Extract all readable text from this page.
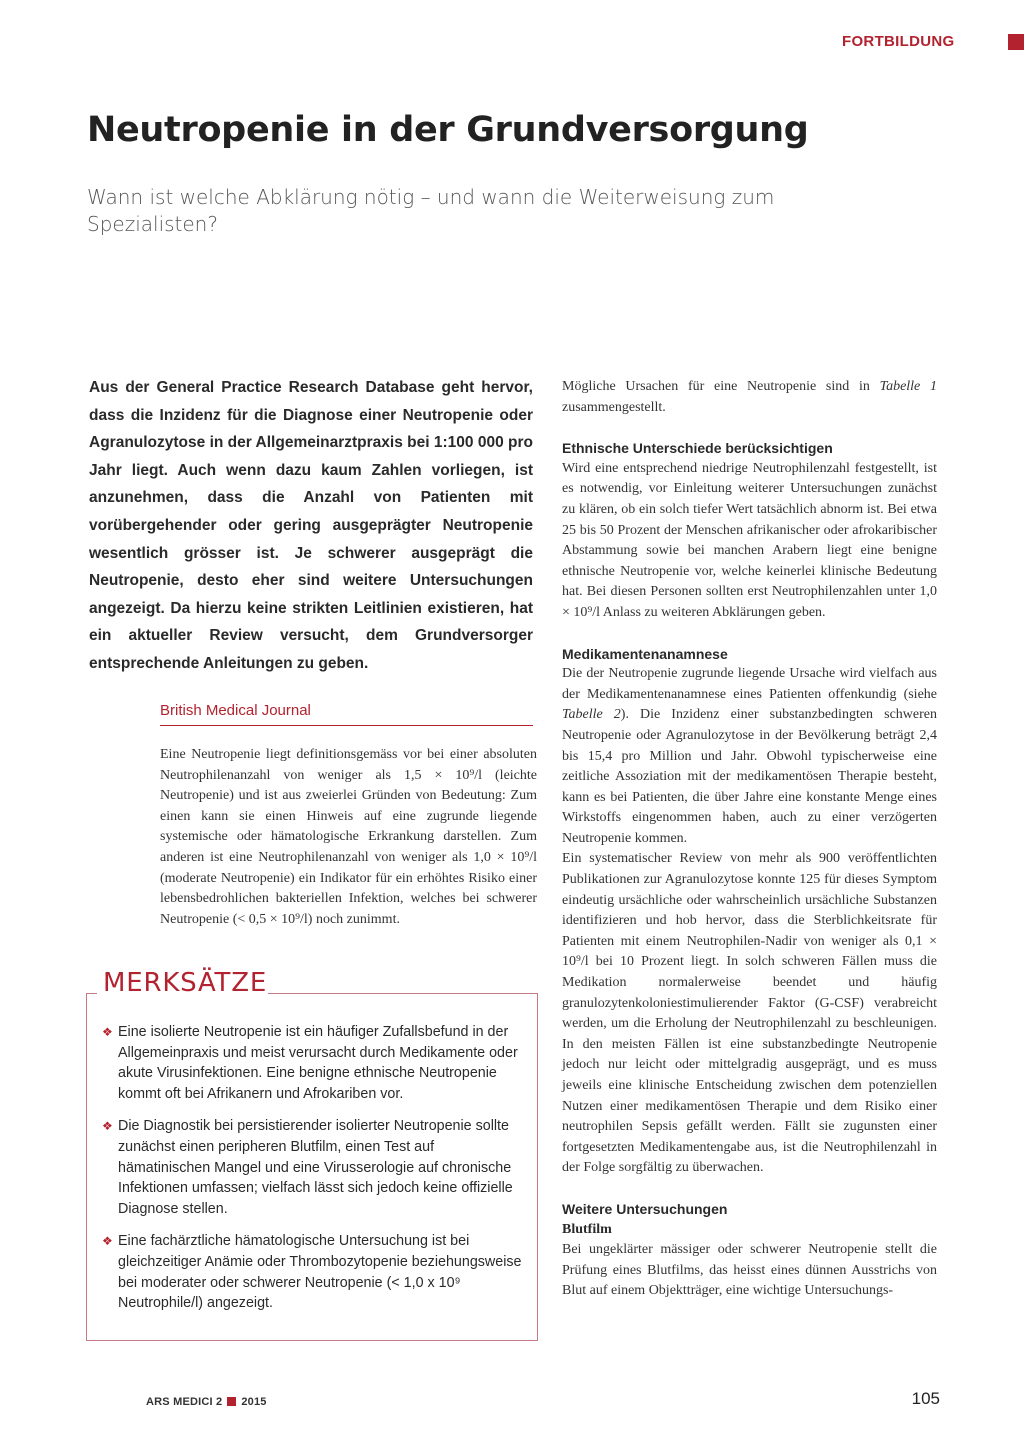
FORTBILDUNG
Neutropenie in der Grundversorgung

Wann ist welche Abklärung nötig – und wann die Weiterweisung zum Spezialisten?

Aus der General Practice Research Database geht hervor, dass die Inzidenz für die Diagnose einer Neutropenie oder Agranulozytose in der Allgemeinarztpraxis bei 1:100 000 pro Jahr liegt. Auch wenn dazu kaum Zahlen vorliegen, ist anzunehmen, dass die Anzahl von Patienten mit vorübergehender oder gering ausgeprägter Neutropenie wesentlich grösser ist. Je schwerer ausgeprägt die Neutropenie, desto eher sind weitere Untersuchungen angezeigt. Da hierzu keine strikten Leitlinien existieren, hat ein aktueller Review versucht, dem Grundversorger entsprechende Anleitungen zu geben.

British Medical Journal

Eine Neutropenie liegt definitionsgemäss vor bei einer absoluten Neutrophilenanzahl von weniger als 1,5 × 10⁹/l (leichte Neutropenie) und ist aus zweierlei Gründen von Bedeutung: Zum einen kann sie einen Hinweis auf eine zugrunde liegende systemische oder hämatologische Erkrankung darstellen. Zum anderen ist eine Neutrophilenanzahl von weniger als 1,0 × 10⁹/l (moderate Neutropenie) ein Indikator für ein erhöhtes Risiko einer lebensbedrohlichen bakteriellen Infektion, welches bei schwerer Neutropenie (< 0,5 × 10⁹/l) noch zunimmt.

MERKSÄTZE
❖ Eine isolierte Neutropenie ist ein häufiger Zufallsbefund in der Allgemeinpraxis und meist verursacht durch Medikamente oder akute Virusinfektionen. Eine benigne ethnische Neutropenie kommt oft bei Afrikanern und Afrokariben vor.
❖ Die Diagnostik bei persistierender isolierter Neutropenie sollte zunächst einen peripheren Blutfilm, einen Test auf hämatinischen Mangel und eine Virusserologie auf chronische Infektionen umfassen; vielfach lässt sich jedoch keine offizielle Diagnose stellen.
❖ Eine fachärztliche hämatologische Untersuchung ist bei gleichzeitiger Anämie oder Thrombozytopenie beziehungsweise bei moderater oder schwerer Neutropenie (< 1,0 x 10⁹ Neutrophile/l) angezeigt.

Mögliche Ursachen für eine Neutropenie sind in Tabelle 1 zusammengestellt.

Ethnische Unterschiede berücksichtigen

Wird eine entsprechend niedrige Neutrophilenzahl festgestellt, ist es notwendig, vor Einleitung weiterer Untersuchungen zunächst zu klären, ob ein solch tiefer Wert tatsächlich abnorm ist. Bei etwa 25 bis 50 Prozent der Menschen afrikanischer oder afrokaribischer Abstammung sowie bei manchen Arabern liegt eine benigne ethnische Neutropenie vor, welche keinerlei klinische Bedeutung hat. Bei diesen Personen sollten erst Neutrophilenzahlen unter 1,0 × 10⁹/l Anlass zu weiteren Abklärungen geben.

Medikamentenanamnese

Die der Neutropenie zugrunde liegende Ursache wird vielfach aus der Medikamentenanamnese eines Patienten offenkundig (siehe Tabelle 2). Die Inzidenz einer substanzbedingten schweren Neutropenie oder Agranulozytose in der Bevölkerung beträgt 2,4 bis 15,4 pro Million und Jahr. Obwohl typischerweise eine zeitliche Assoziation mit der medikamentösen Therapie besteht, kann es bei Patienten, die über Jahre eine konstante Menge eines Wirkstoffs eingenommen haben, auch zu einer verzögerten Neutropenie kommen.

Ein systematischer Review von mehr als 900 veröffentlichten Publikationen zur Agranulozytose konnte 125 für dieses Symptom eindeutig ursächliche oder wahrscheinlich ursächliche Substanzen identifizieren und hob hervor, dass die Sterblichkeitsrate für Patienten mit einem Neutrophilen-Nadir von weniger als 0,1 × 10⁹/l bei 10 Prozent liegt. In solch schweren Fällen muss die Medikation normalerweise beendet und häufig granulozytenkoloniestimulierender Faktor (G-CSF) verabreicht werden, um die Erholung der Neutrophilenzahl zu beschleunigen. In den meisten Fällen ist eine substanzbedingte Neutropenie jedoch nur leicht oder mittelgradig ausgeprägt, und es muss jeweils eine klinische Entscheidung zwischen dem potenziellen Nutzen einer medikamentösen Therapie und dem Risiko einer neutrophilen Sepsis gefällt werden. Fällt sie zugunsten einer fortgesetzten Medikamentengabe aus, ist die Neutrophilenzahl in der Folge sorgfältig zu überwachen.

Weitere Untersuchungen
Blutfilm

Bei ungeklärter mässiger oder schwerer Neutropenie stellt die Prüfung eines Blutfilms, das heisst eines dünnen Ausstrichs von Blut auf einem Objektträger, eine wichtige Untersuchungs-

ARS MEDICI 2 2015	105
